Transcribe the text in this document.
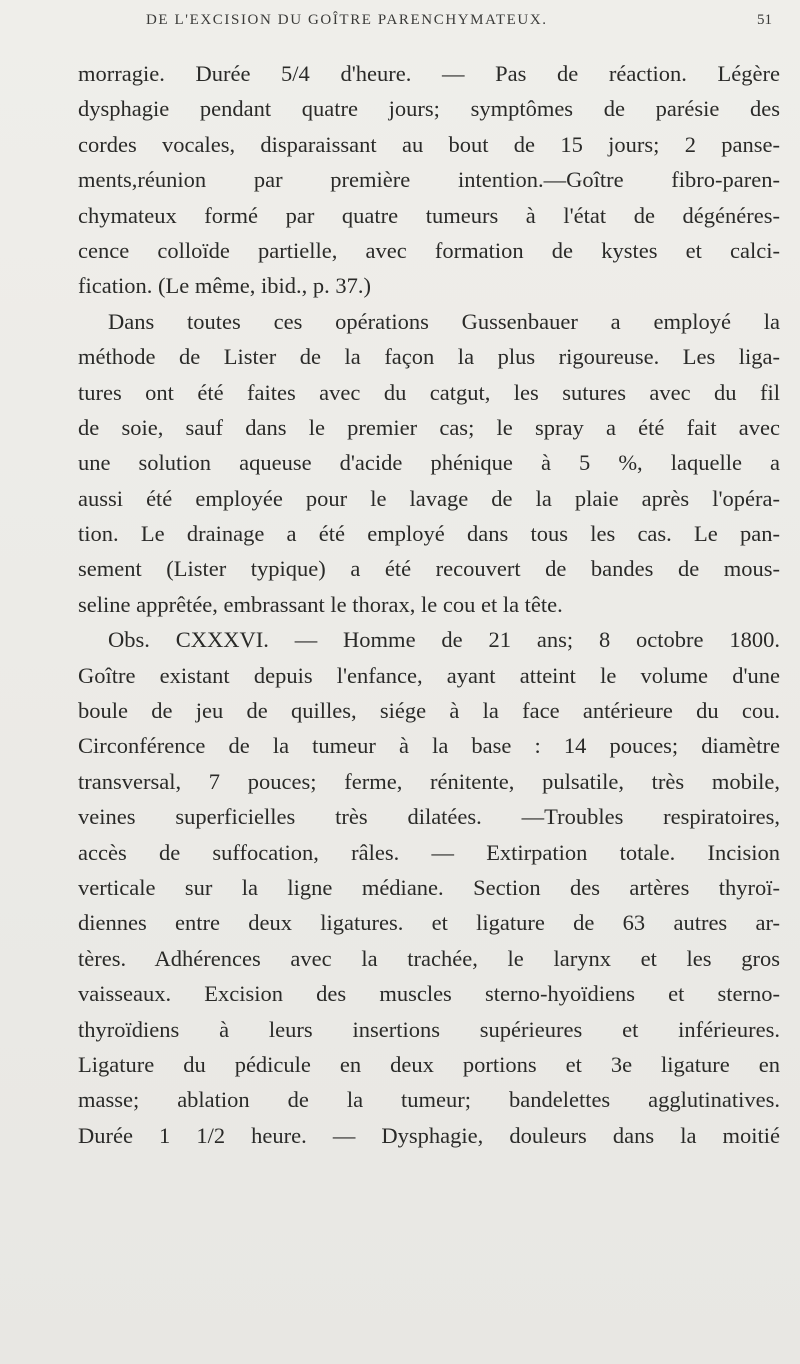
DE L'EXCISION DU GOÎTRE PARENCHYMATEUX.	51
morragie. Durée 5/4 d'heure. — Pas de réaction. Légère
dysphagie pendant quatre jours; symptômes de parésie des
cordes vocales, disparaissant au bout de 15 jours; 2 panse-
ments,réunion par première intention.—Goître fibro-paren-
chymateux formé par quatre tumeurs à l'état de dégénéres-
cence colloïde partielle, avec formation de kystes et calci-
fication. (Le même, ibid., p. 37.)
Dans toutes ces opérations Gussenbauer a employé la
méthode de Lister de la façon la plus rigoureuse. Les liga-
tures ont été faites avec du catgut, les sutures avec du fil
de soie, sauf dans le premier cas; le spray a été fait avec
une solution aqueuse d'acide phénique à 5 %, laquelle a
aussi été employée pour le lavage de la plaie après l'opéra-
tion. Le drainage a été employé dans tous les cas. Le pan-
sement (Lister typique) a été recouvert de bandes de mous-
seline apprêtée, embrassant le thorax, le cou et la tête.
Obs. CXXXVI. — Homme de 21 ans; 8 octobre 1800.
Goître existant depuis l'enfance, ayant atteint le volume d'une
boule de jeu de quilles, siége à la face antérieure du cou.
Circonférence de la tumeur à la base : 14 pouces; diamètre
transversal, 7 pouces; ferme, rénitente, pulsatile, très mobile,
veines superficielles très dilatées. —Troubles respiratoires,
accès de suffocation, râles. — Extirpation totale. Incision
verticale sur la ligne médiane. Section des artères thyroï-
diennes entre deux ligatures. et ligature de 63 autres ar-
tères. Adhérences avec la trachée, le larynx et les gros
vaisseaux. Excision des muscles sterno-hyoïdiens et sterno-
thyroïdiens à leurs insertions supérieures et inférieures.
Ligature du pédicule en deux portions et 3e ligature en
masse; ablation de la tumeur; bandelettes agglutinatives.
Durée 1 1/2 heure. — Dysphagie, douleurs dans la moitié
